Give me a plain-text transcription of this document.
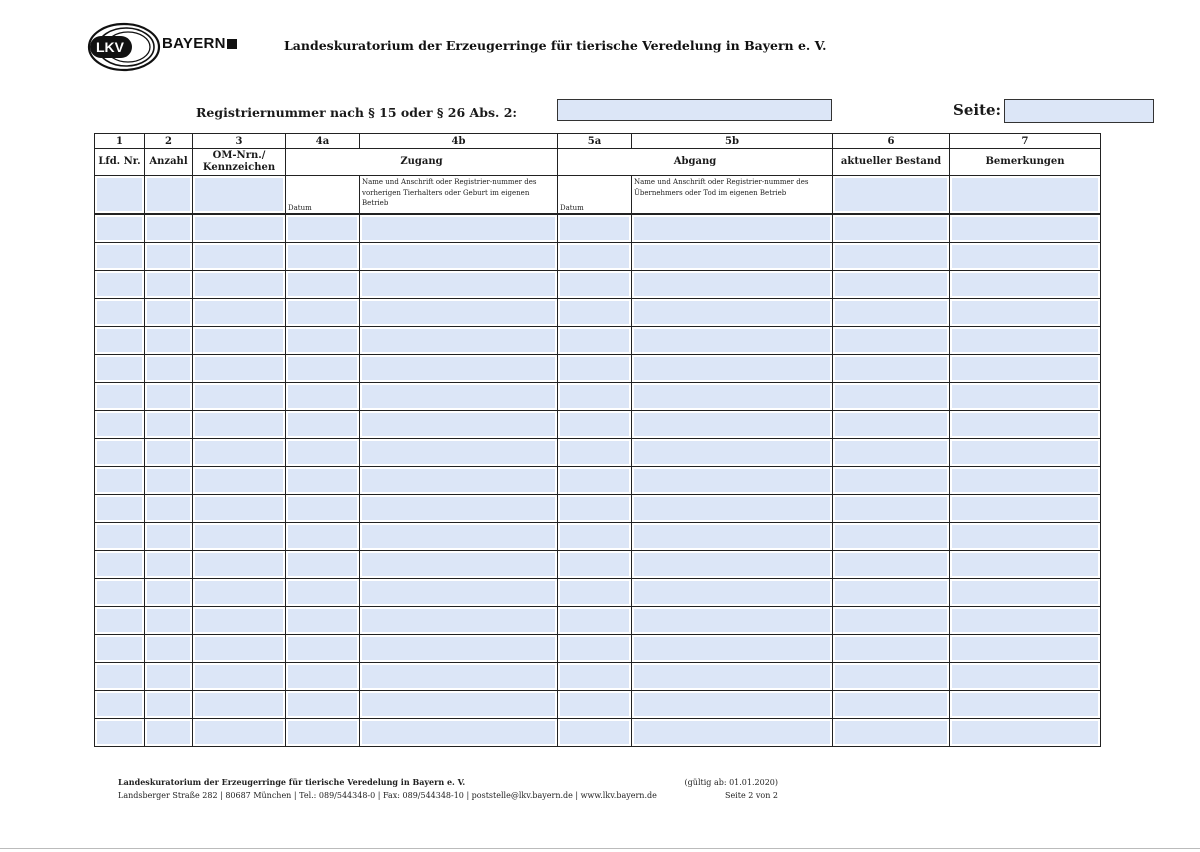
LKV	BAYERN	Landeskuratorium der Erzeugerringe für tierische Veredelung in Bayern e. V.
Registriernummer nach § 15 oder § 26 Abs. 2:	Seite:
1	2	3	4a	4b	5a	5b	6	7
Lfd. Nr.	Anzahl	OM-Nrn./ Kennzeichen	Zugang		Abgang		aktueller Bestand	Bemerkungen

			Datum	Name und Anschrift oder Registrier-nummer des vorherigen Tierhalters oder Geburt im eigenen Betrieb	Datum	Name und Anschrift oder Registrier-nummer des Übernehmers oder Tod im eigenen Betrieb		

Landeskuratorium der Erzeugerringe für tierische Veredelung in Bayern e. V.	(gültig ab: 01.01.2020)
Landsberger Straße 282 | 80687 München | Tel.: 089/544348-0 | Fax: 089/544348-10 | poststelle@lkv.bayern.de | www.lkv.bayern.de	Seite 2 von 2
